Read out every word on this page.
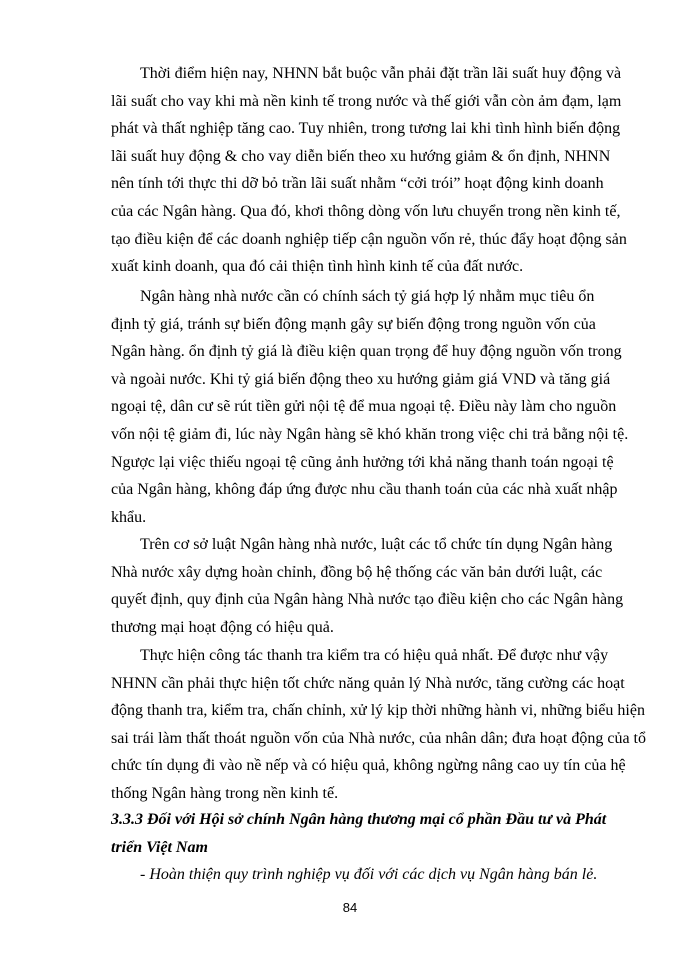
Thời điểm hiện nay, NHNN bắt buộc vẫn phải đặt trần lãi suất huy động và

lãi suất cho vay khi mà nền kinh tế trong nước và thế giới vẫn còn ảm đạm, lạm

phát và thất nghiệp tăng cao. Tuy nhiên, trong tương lai khi tình hình biến động

lãi suất huy động & cho vay diễn biến theo xu hướng giảm & ổn định, NHNN

nên tính tới thực thi dỡ bỏ trần lãi suất nhằm “cởi trói” hoạt động kinh doanh

của các Ngân hàng. Qua đó, khơi thông dòng vốn lưu chuyển trong nền kinh tế,

tạo điều kiện để các doanh nghiệp tiếp cận nguồn vốn rẻ, thúc đẩy hoạt động sản

xuất kinh doanh, qua đó cải thiện tình hình kinh tế của đất nước.

Ngân hàng nhà nước cần có chính sách tỷ giá hợp lý nhằm mục tiêu ổn

định tỷ giá, tránh sự biến động mạnh gây sự biến động trong nguồn vốn của

Ngân hàng. ổn định tỷ giá là điều kiện quan trọng để huy động nguồn vốn trong

và ngoài nước. Khi tỷ giá biến động theo xu hướng giảm giá VND và tăng giá

ngoại tệ, dân cư sẽ rút tiền gửi nội tệ để mua ngoại tệ. Điều này làm cho nguồn

vốn nội tệ giảm đi, lúc này Ngân hàng sẽ khó khăn trong việc chi trả bằng nội tệ.

Ngược lại việc thiếu ngoại tệ cũng ảnh hưởng tới khả năng thanh toán ngoại tệ

của Ngân hàng, không đáp ứng được nhu cầu thanh toán của các nhà xuất nhập

khẩu.

Trên cơ sở luật Ngân hàng nhà nước, luật các tổ chức tín dụng Ngân hàng

Nhà nước xây dựng hoàn chỉnh, đồng bộ hệ thống các văn bản dưới luật, các

quyết định, quy định của Ngân hàng Nhà nước tạo điều kiện cho các Ngân hàng

thương mại hoạt động có hiệu quả.

Thực hiện công tác thanh tra kiểm tra có hiệu quả nhất. Để được như vậy

NHNN cần phải thực hiện tốt chức năng quản lý Nhà nước, tăng cường các hoạt

động thanh tra, kiểm tra, chấn chỉnh, xử lý kịp thời những hành vi, những biểu hiện

sai trái làm thất thoát nguồn vốn của Nhà nước, của nhân dân; đưa hoạt động của tổ

chức tín dụng đi vào nề nếp và có hiệu quả, không ngừng nâng cao uy tín của hệ

thống Ngân hàng trong nền kinh tế.

3.3.3 Đối với Hội sở chính Ngân hàng thương mại cổ phần Đầu tư và Phát

triển Việt Nam

- Hoàn thiện quy trình nghiệp vụ đối với các dịch vụ Ngân hàng bán lẻ.

84
